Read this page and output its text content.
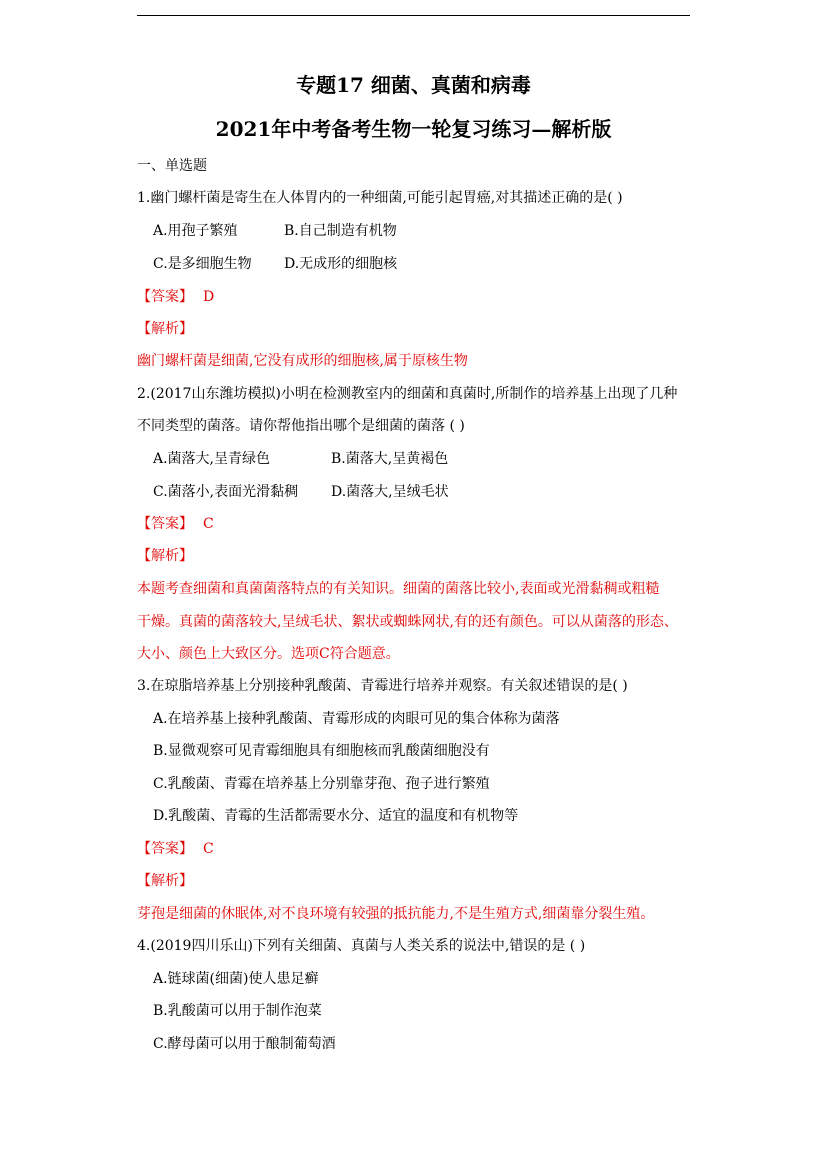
专题17 细菌、真菌和病毒
2021年中考备考生物一轮复习练习—解析版
一、单选题
1.幽门螺杆菌是寄生在人体胃内的一种细菌,可能引起胃癌,对其描述正确的是( )
A.用孢子繁殖	B.自己制造有机物
C.是多细胞生物 D.无成形的细胞核
【答案】 D
【解析】
幽门螺杆菌是细菌,它没有成形的细胞核,属于原核生物
2.(2017山东潍坊模拟)小明在检测教室内的细菌和真菌时,所制作的培养基上出现了几种
不同类型的菌落。请你帮他指出哪个是细菌的菌落 ( )
A.菌落大,呈青绿色	B.菌落大,呈黄褐色
C.菌落小,表面光滑黏稠 D.菌落大,呈绒毛状
【答案】 C
【解析】
本题考查细菌和真菌菌落特点的有关知识。细菌的菌落比较小,表面或光滑黏稠或粗糙
干燥。真菌的菌落较大,呈绒毛状、絮状或蜘蛛网状,有的还有颜色。可以从菌落的形态、
大小、颜色上大致区分。选项C符合题意。
3.在琼脂培养基上分别接种乳酸菌、青霉进行培养并观察。有关叙述错误的是( )
A.在培养基上接种乳酸菌、青霉形成的肉眼可见的集合体称为菌落
B.显微观察可见青霉细胞具有细胞核而乳酸菌细胞没有
C.乳酸菌、青霉在培养基上分别靠芽孢、孢子进行繁殖
D.乳酸菌、青霉的生活都需要水分、适宜的温度和有机物等
【答案】 C
【解析】
芽孢是细菌的休眠体,对不良环境有较强的抵抗能力,不是生殖方式,细菌靠分裂生殖。
4.(2019四川乐山)下列有关细菌、真菌与人类关系的说法中,错误的是 ( )
A.链球菌(细菌)使人患足癣
B.乳酸菌可以用于制作泡菜
C.酵母菌可以用于酿制葡萄酒
